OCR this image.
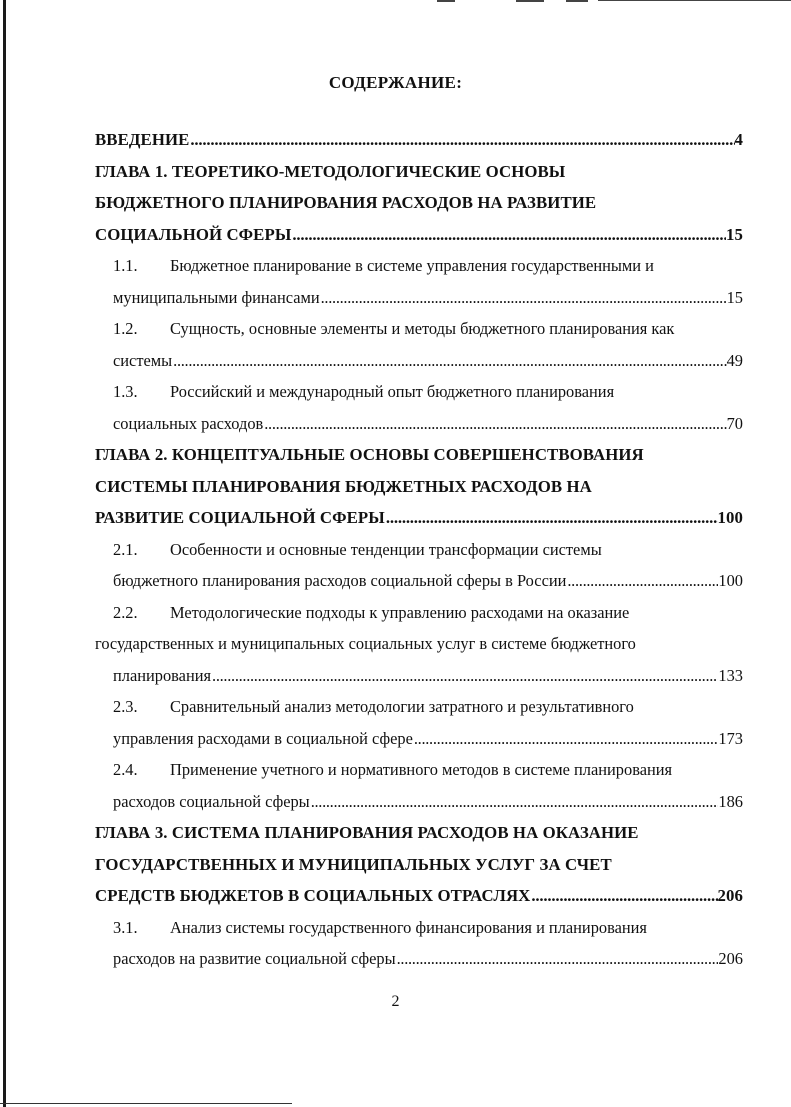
СОДЕРЖАНИЕ:
ВВЕДЕНИЕ . . .	4
ГЛАВА 1. ТЕОРЕТИКО-МЕТОДОЛОГИЧЕСКИЕ ОСНОВЫ
БЮДЖЕТНОГО ПЛАНИРОВАНИЯ РАСХОДОВ НА РАЗВИТИЕ
СОЦИАЛЬНОЙ СФЕРЫ . . .	15
1.1. Бюджетное планирование в системе управления государственными и
муниципальными финансами . . .	15
1.2. Сущность, основные элементы и методы бюджетного планирования как
системы . . .	49
1.3. Российский и международный опыт бюджетного планирования
социальных расходов . . .	70
ГЛАВА 2. КОНЦЕПТУАЛЬНЫЕ ОСНОВЫ СОВЕРШЕНСТВОВАНИЯ
СИСТЕМЫ ПЛАНИРОВАНИЯ БЮДЖЕТНЫХ РАСХОДОВ НА
РАЗВИТИЕ СОЦИАЛЬНОЙ СФЕРЫ . . .	100
2.1. Особенности и основные тенденции трансформации системы
бюджетного планирования расходов социальной сферы в России . . .	100
2.2. Методологические подходы к управлению расходами на оказание
государственных и муниципальных социальных услуг в системе бюджетного
планирования . . .	133
2.3. Сравнительный анализ методологии затратного и результативного
управления расходами в социальной сфере . . .	173
2.4. Применение учетного и нормативного методов в системе планирования
расходов социальной сферы . . .	186
ГЛАВА 3. СИСТЕМА ПЛАНИРОВАНИЯ РАСХОДОВ НА ОКАЗАНИЕ
ГОСУДАРСТВЕННЫХ И МУНИЦИПАЛЬНЫХ УСЛУГ ЗА СЧЕТ
СРЕДСТВ БЮДЖЕТОВ В СОЦИАЛЬНЫХ ОТРАСЛЯХ . . .	206
3.1. Анализ системы государственного финансирования и планирования
расходов на развитие социальной сферы . . .	206
2
